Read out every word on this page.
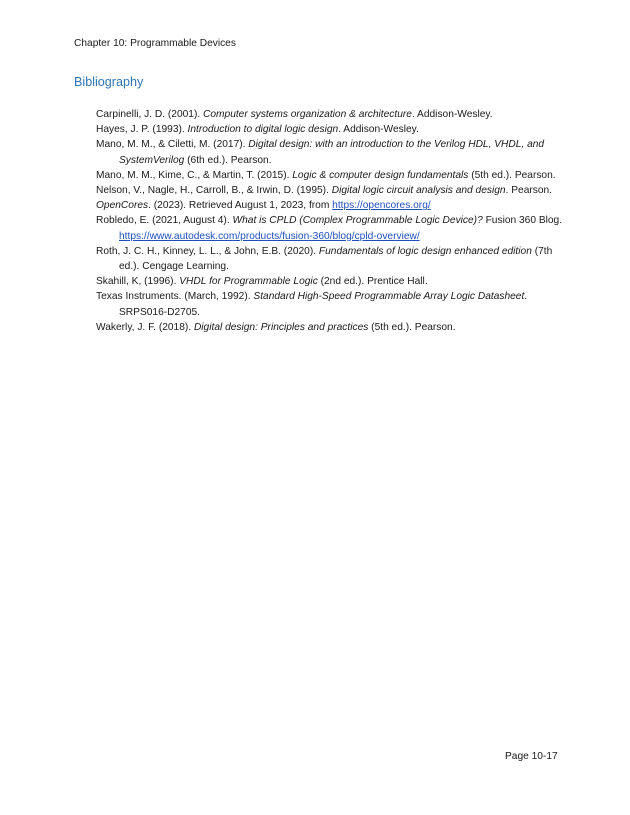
Chapter 10: Programmable Devices
Bibliography

Carpinelli, J. D. (2001). Computer systems organization & architecture. Addison-Wesley.

Hayes, J. P. (1993). Introduction to digital logic design. Addison-Wesley.

Mano, M. M., & Ciletti, M. (2017). Digital design: with an introduction to the Verilog HDL, VHDL, and SystemVerilog (6th ed.). Pearson.

Mano, M. M., Kime, C., & Martin, T. (2015). Logic & computer design fundamentals (5th ed.). Pearson.

Nelson, V., Nagle, H., Carroll, B., & Irwin, D. (1995). Digital logic circuit analysis and design. Pearson.

OpenCores. (2023). Retrieved August 1, 2023, from https://opencores.org/

Robledo, E. (2021, August 4). What is CPLD (Complex Programmable Logic Device)? Fusion 360 Blog. https://www.autodesk.com/products/fusion-360/blog/cpld-overview/

Roth, J. C. H., Kinney, L. L., & John, E.B. (2020). Fundamentals of logic design enhanced edition (7th ed.). Cengage Learning.

Skahill, K, (1996). VHDL for Programmable Logic (2nd ed.). Prentice Hall.

Texas Instruments. (March, 1992). Standard High-Speed Programmable Array Logic Datasheet. SRPS016-D2705.

Wakerly, J. F. (2018). Digital design: Principles and practices (5th ed.). Pearson.

Page 10-17
